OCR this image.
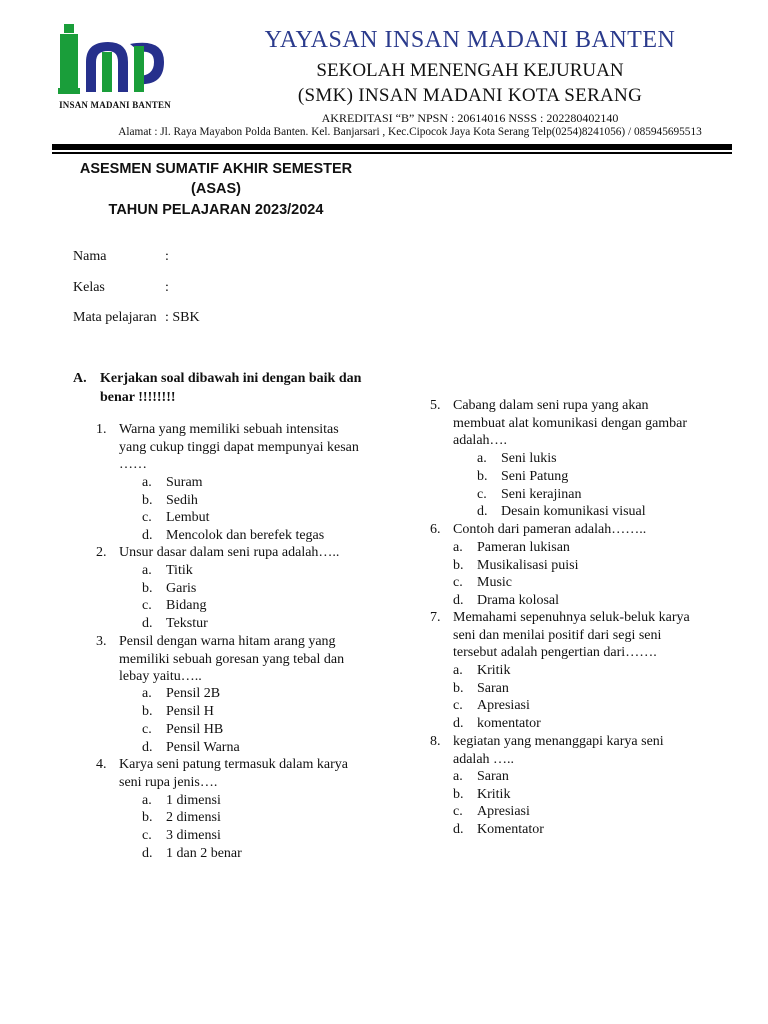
INSAN MADANI BANTEN
YAYASAN INSAN MADANI BANTEN
SEKOLAH MENENGAH KEJURUAN
(SMK) INSAN MADANI KOTA SERANG
AKREDITASI “B” NPSN : 20614016 NSSS : 202280402140
Alamat : Jl. Raya Mayabon Polda Banten. Kel. Banjarsari , Kec.Cipocok Jaya Kota Serang Telp(0254)8241056) / 085945695513
ASESMEN SUMATIF AKHIR SEMESTER
(ASAS)
TAHUN PELAJARAN 2023/2024
Nama	:
Kelas	:
Mata pelajaran : SBK
A. Kerjakan soal dibawah ini dengan baik dan benar !!!!!!!!
1. Warna yang memiliki sebuah intensitas yang cukup tinggi dapat mempunyai kesan ……
a. Suram
b. Sedih
c. Lembut
d. Mencolok dan berefek tegas
2. Unsur dasar dalam seni rupa adalah…..
a. Titik
b. Garis
c. Bidang
d. Tekstur
3. Pensil dengan warna hitam arang yang memiliki sebuah goresan yang tebal dan lebay yaitu…..
a. Pensil 2B
b. Pensil H
c. Pensil HB
d. Pensil Warna
4. Karya seni patung termasuk dalam karya seni rupa jenis….
a. 1 dimensi
b. 2 dimensi
c. 3 dimensi
d. 1 dan 2 benar
5. Cabang dalam seni rupa yang akan membuat alat komunikasi dengan gambar adalah….
a. Seni lukis
b. Seni Patung
c. Seni kerajinan
d. Desain komunikasi visual
6. Contoh dari pameran adalah……..
a. Pameran lukisan
b. Musikalisasi puisi
c. Music
d. Drama kolosal
7. Memahami sepenuhnya seluk-beluk karya seni dan menilai positif dari segi seni tersebut adalah pengertian dari…….
a. Kritik
b. Saran
c. Apresiasi
d. komentator
8. kegiatan yang menanggapi karya seni adalah …..
a. Saran
b. Kritik
c. Apresiasi
d. Komentator
